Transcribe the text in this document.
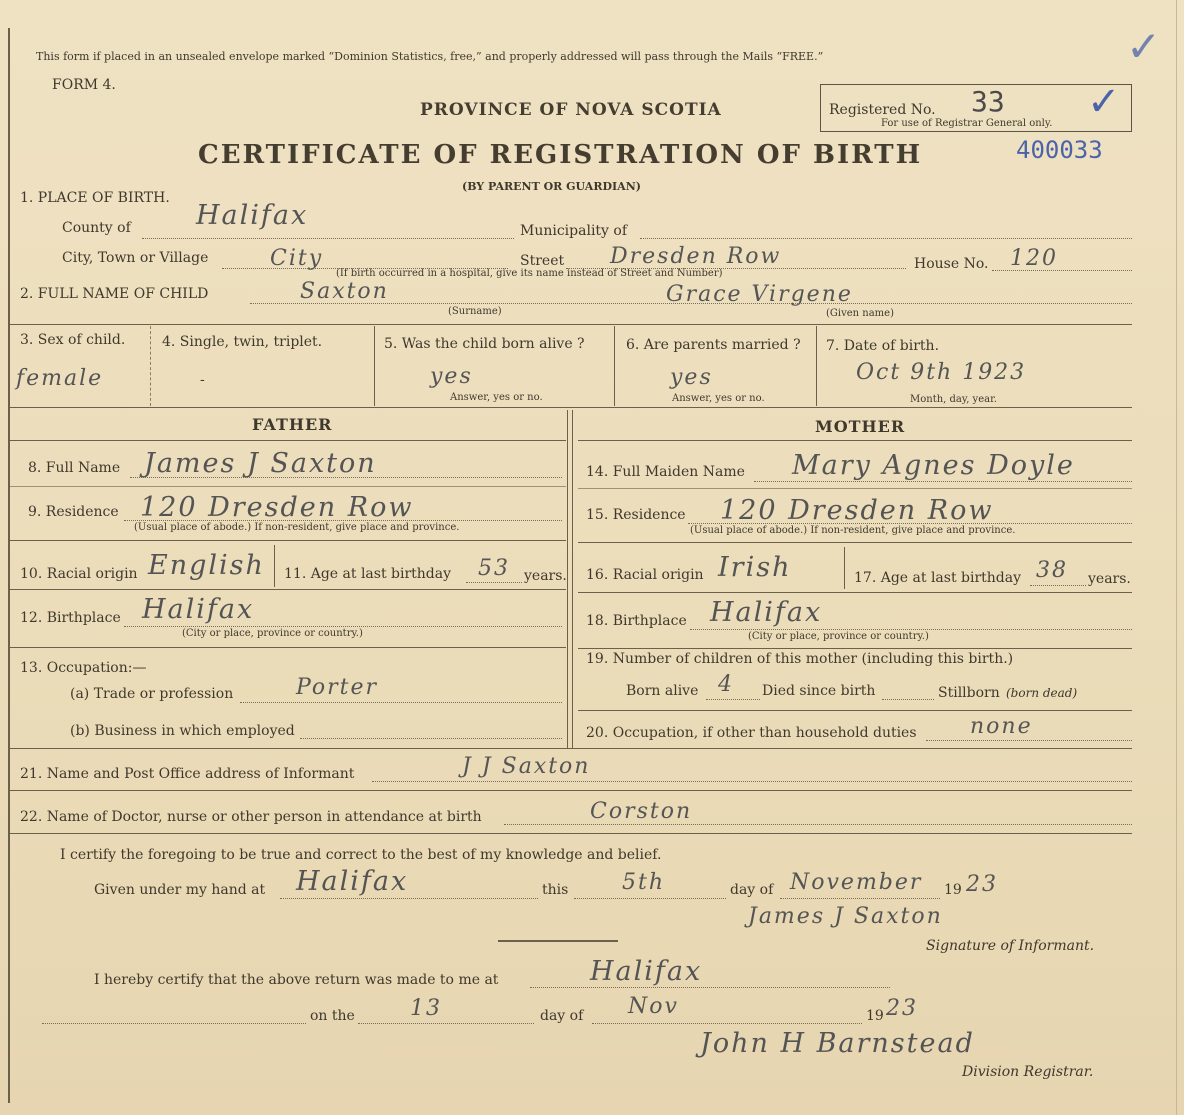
This form if placed in an unsealed envelope marked “Dominion Statistics, free,” and properly addressed will pass through the Mails “FREE.”
FORM 4.
PROVINCE OF NOVA SCOTIA
CERTIFICATE OF REGISTRATION OF BIRTH
(BY PARENT OR GUARDIAN)
Registered No. 33
For use of Registrar General only. ✓
400033
✓
1. PLACE OF BIRTH.
County of Halifax	Municipality of
City, Town or Village	City	Street Dresden Row	House No. 120
(If birth occurred in a hospital, give its name instead of Street and Number)
2. FULL NAME OF CHILD	Saxton
(Surname)
Grace Virgene
(Given name)
3. Sex of child.
female
4. Single, twin, triplet.
-
5. Was the child born alive ?
yes
Answer, yes or no.
6. Are parents married ?
yes
Answer, yes or no.
7. Date of birth.
Oct 9th 1923
Month, day, year.
FATHER	MOTHER
8. Full Name James J Saxton
9. Residence 120 Dresden Row
(Usual place of abode.) If non-resident, give place and province.
10. Racial origin English 11. Age at last birthday 53 years.
12. Birthplace Halifax
(City or place, province or country.)
13. Occupation:—
(a) Trade or profession	Porter
(b) Business in which employed
14. Full Maiden Name Mary Agnes Doyle
15. Residence 120 Dresden Row
(Usual place of abode.) If non-resident, give place and province.
16. Racial origin Irish	17. Age at last birthday 38 years.
18. Birthplace Halifax
(City or place, province or country.)
19. Number of children of this mother (including this birth.)
Born alive 4 Died since birth	Stillborn (born dead)
20. Occupation, if other than household duties none
21. Name and Post Office address of Informant	J J Saxton
22. Name of Doctor, nurse or other person in attendance at birth	Corston
I certify the foregoing to be true and correct to the best of my knowledge and belief.
Given under my hand at Halifax	this 5th	day of November 19 23
James J Saxton
Signature of Informant.
I hereby certify that the above return was made to me at	Halifax
on the	13	day of Nov	19 23
John H Barnstead
Division Registrar.
